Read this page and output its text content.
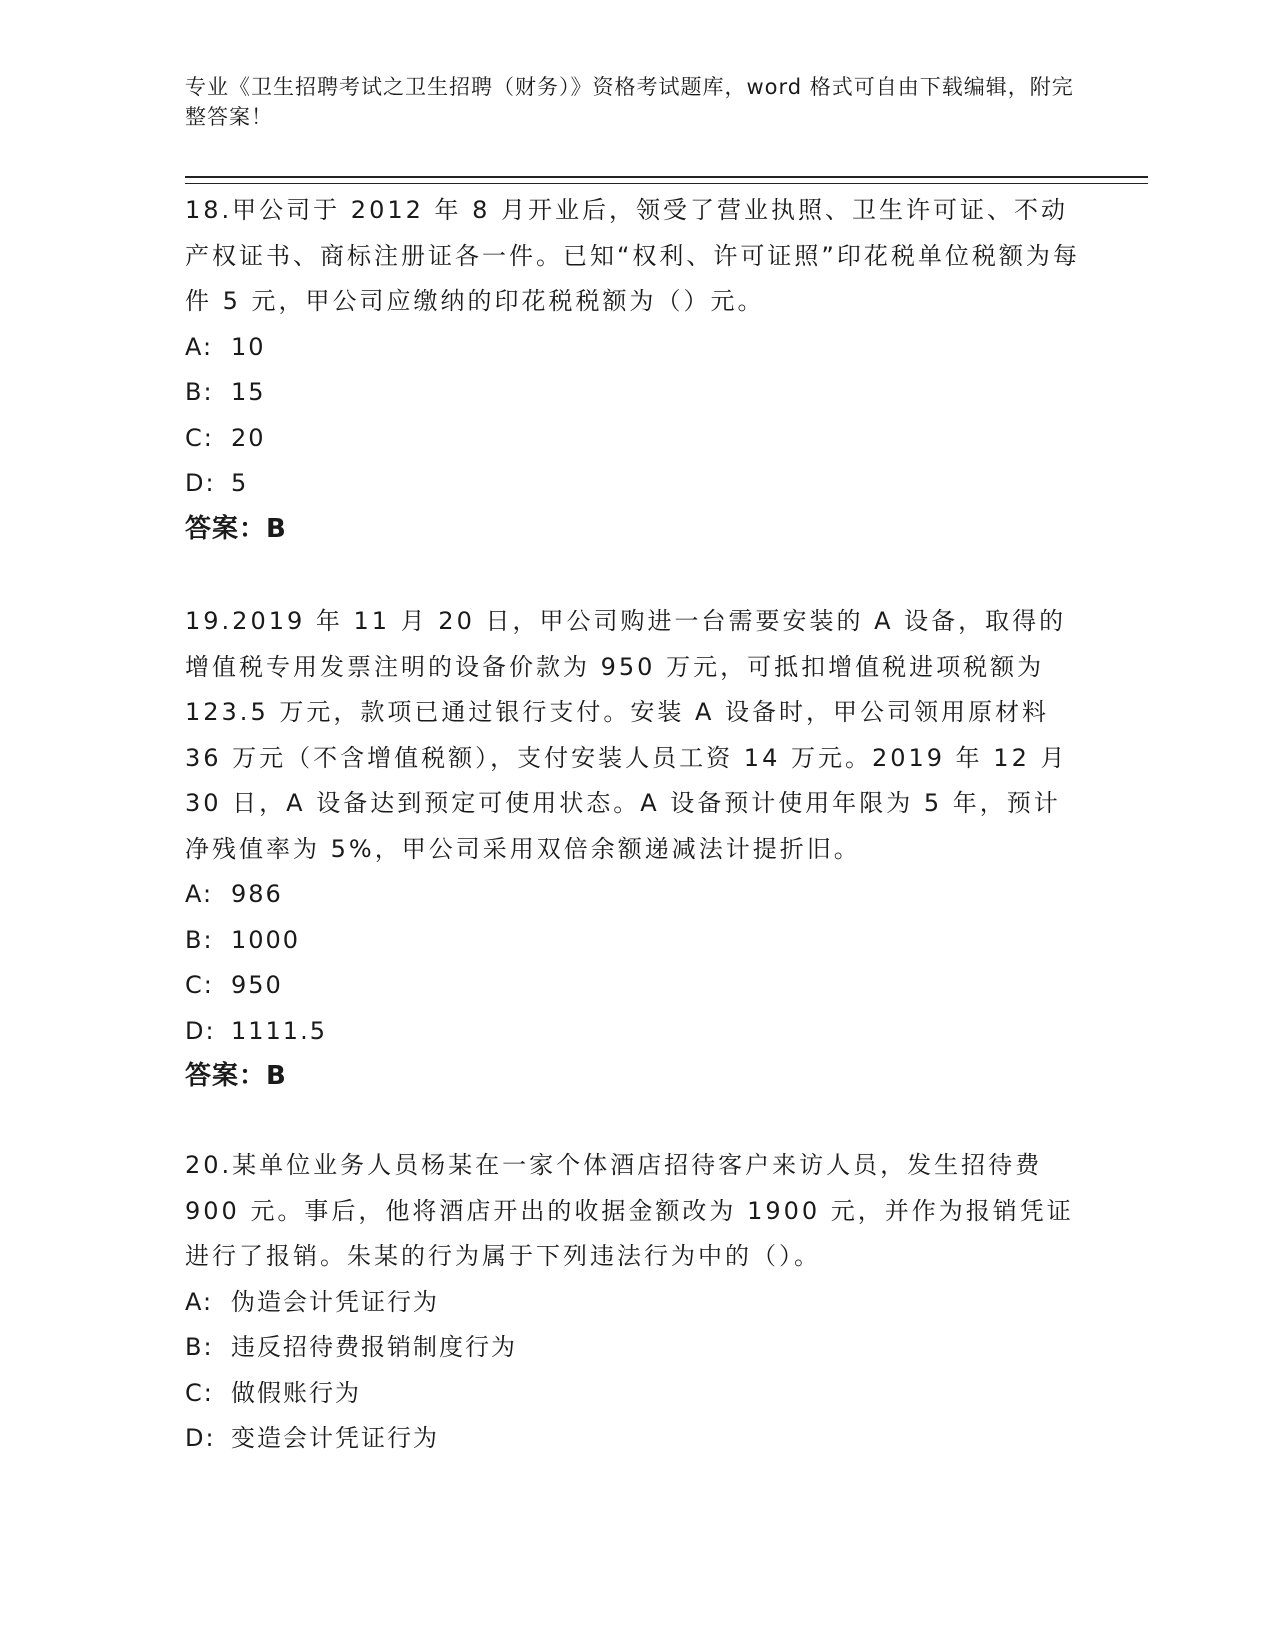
专业《卫生招聘考试之卫生招聘（财务）》资格考试题库，word 格式可自由下载编辑，附完整答案！

18.甲公司于 2012 年 8 月开业后，领受了营业执照、卫生许可证、不动产权证书、商标注册证各一件。已知“权利、许可证照”印花税单位税额为每件 5 元，甲公司应缴纳的印花税税额为（）元。

A: 10
B: 15
C: 20
D: 5
答案：B

19.2019 年 11 月 20 日，甲公司购进一台需要安装的 A 设备，取得的增值税专用发票注明的设备价款为 950 万元，可抵扣增值税进项税额为 123.5 万元，款项已通过银行支付。安装 A 设备时，甲公司领用原材料 36 万元（不含增值税额），支付安装人员工资 14 万元。2019 年 12 月 30 日，A 设备达到预定可使用状态。A 设备预计使用年限为 5 年，预计净残值率为 5%，甲公司采用双倍余额递减法计提折旧。

A: 986
B: 1000
C: 950
D: 1111.5
答案：B

20.某单位业务人员杨某在一家个体酒店招待客户来访人员，发生招待费 900 元。事后，他将酒店开出的收据金额改为 1900 元，并作为报销凭证进行了报销。朱某的行为属于下列违法行为中的（）。

A: 伪造会计凭证行为
B: 违反招待费报销制度行为
C: 做假账行为
D: 变造会计凭证行为
